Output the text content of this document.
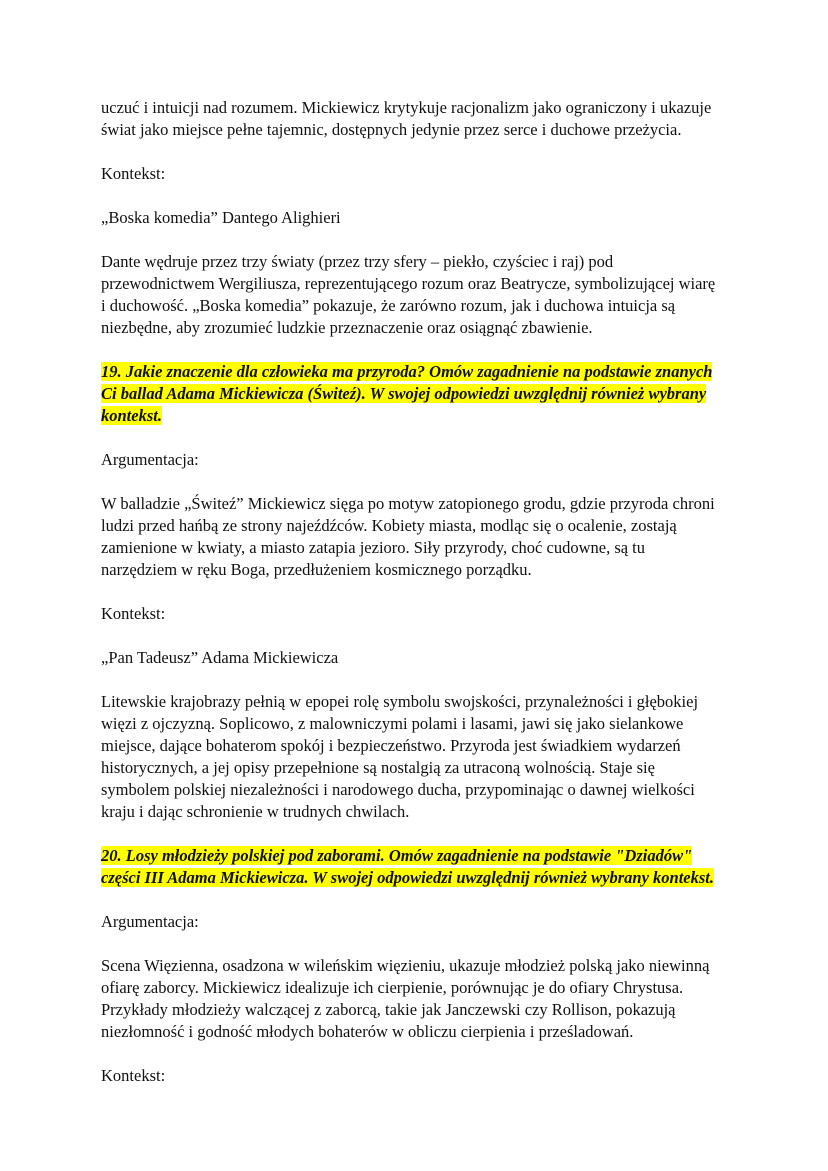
uczuć i intuicji nad rozumem. Mickiewicz krytykuje racjonalizm jako ograniczony i ukazuje
świat jako miejsce pełne tajemnic, dostępnych jedynie przez serce i duchowe przeżycia.

Kontekst:

„Boska komedia” Dantego Alighieri

Dante wędruje przez trzy światy (przez trzy sfery – piekło, czyściec i raj) pod
przewodnictwem Wergiliusza, reprezentującego rozum oraz Beatrycze, symbolizującej wiarę
i duchowość. „Boska komedia” pokazuje, że zarówno rozum, jak i duchowa intuicja są
niezbędne, aby zrozumieć ludzkie przeznaczenie oraz osiągnąć zbawienie.

19. Jakie znaczenie dla człowieka ma przyroda? Omów zagadnienie na podstawie znanych
Ci ballad Adama Mickiewicza (Świteź). W swojej odpowiedzi uwzględnij również wybrany
kontekst.

Argumentacja:

W balladzie „Świteź” Mickiewicz sięga po motyw zatopionego grodu, gdzie przyroda chroni
ludzi przed hańbą ze strony najeźdźców. Kobiety miasta, modląc się o ocalenie, zostają
zamienione w kwiaty, a miasto zatapia jezioro. Siły przyrody, choć cudowne, są tu
narzędziem w ręku Boga, przedłużeniem kosmicznego porządku.

Kontekst:

„Pan Tadeusz” Adama Mickiewicza

Litewskie krajobrazy pełnią w epopei rolę symbolu swojskości, przynależności i głębokiej
więzi z ojczyzną. Soplicowo, z malowniczymi polami i lasami, jawi się jako sielankowe
miejsce, dające bohaterom spokój i bezpieczeństwo. Przyroda jest świadkiem wydarzeń
historycznych, a jej opisy przepełnione są nostalgią za utraconą wolnością. Staje się
symbolem polskiej niezależności i narodowego ducha, przypominając o dawnej wielkości
kraju i dając schronienie w trudnych chwilach.

20. Losy młodzieży polskiej pod zaborami. Omów zagadnienie na podstawie "Dziadów"
części III Adama Mickiewicza. W swojej odpowiedzi uwzględnij również wybrany kontekst.

Argumentacja:

Scena Więzienna, osadzona w wileńskim więzieniu, ukazuje młodzież polską jako niewinną
ofiarę zaborcy. Mickiewicz idealizuje ich cierpienie, porównując je do ofiary Chrystusa.
Przykłady młodzieży walczącej z zaborcą, takie jak Janczewski czy Rollison, pokazują
niezłomność i godność młodych bohaterów w obliczu cierpienia i prześladowań.

Kontekst:
